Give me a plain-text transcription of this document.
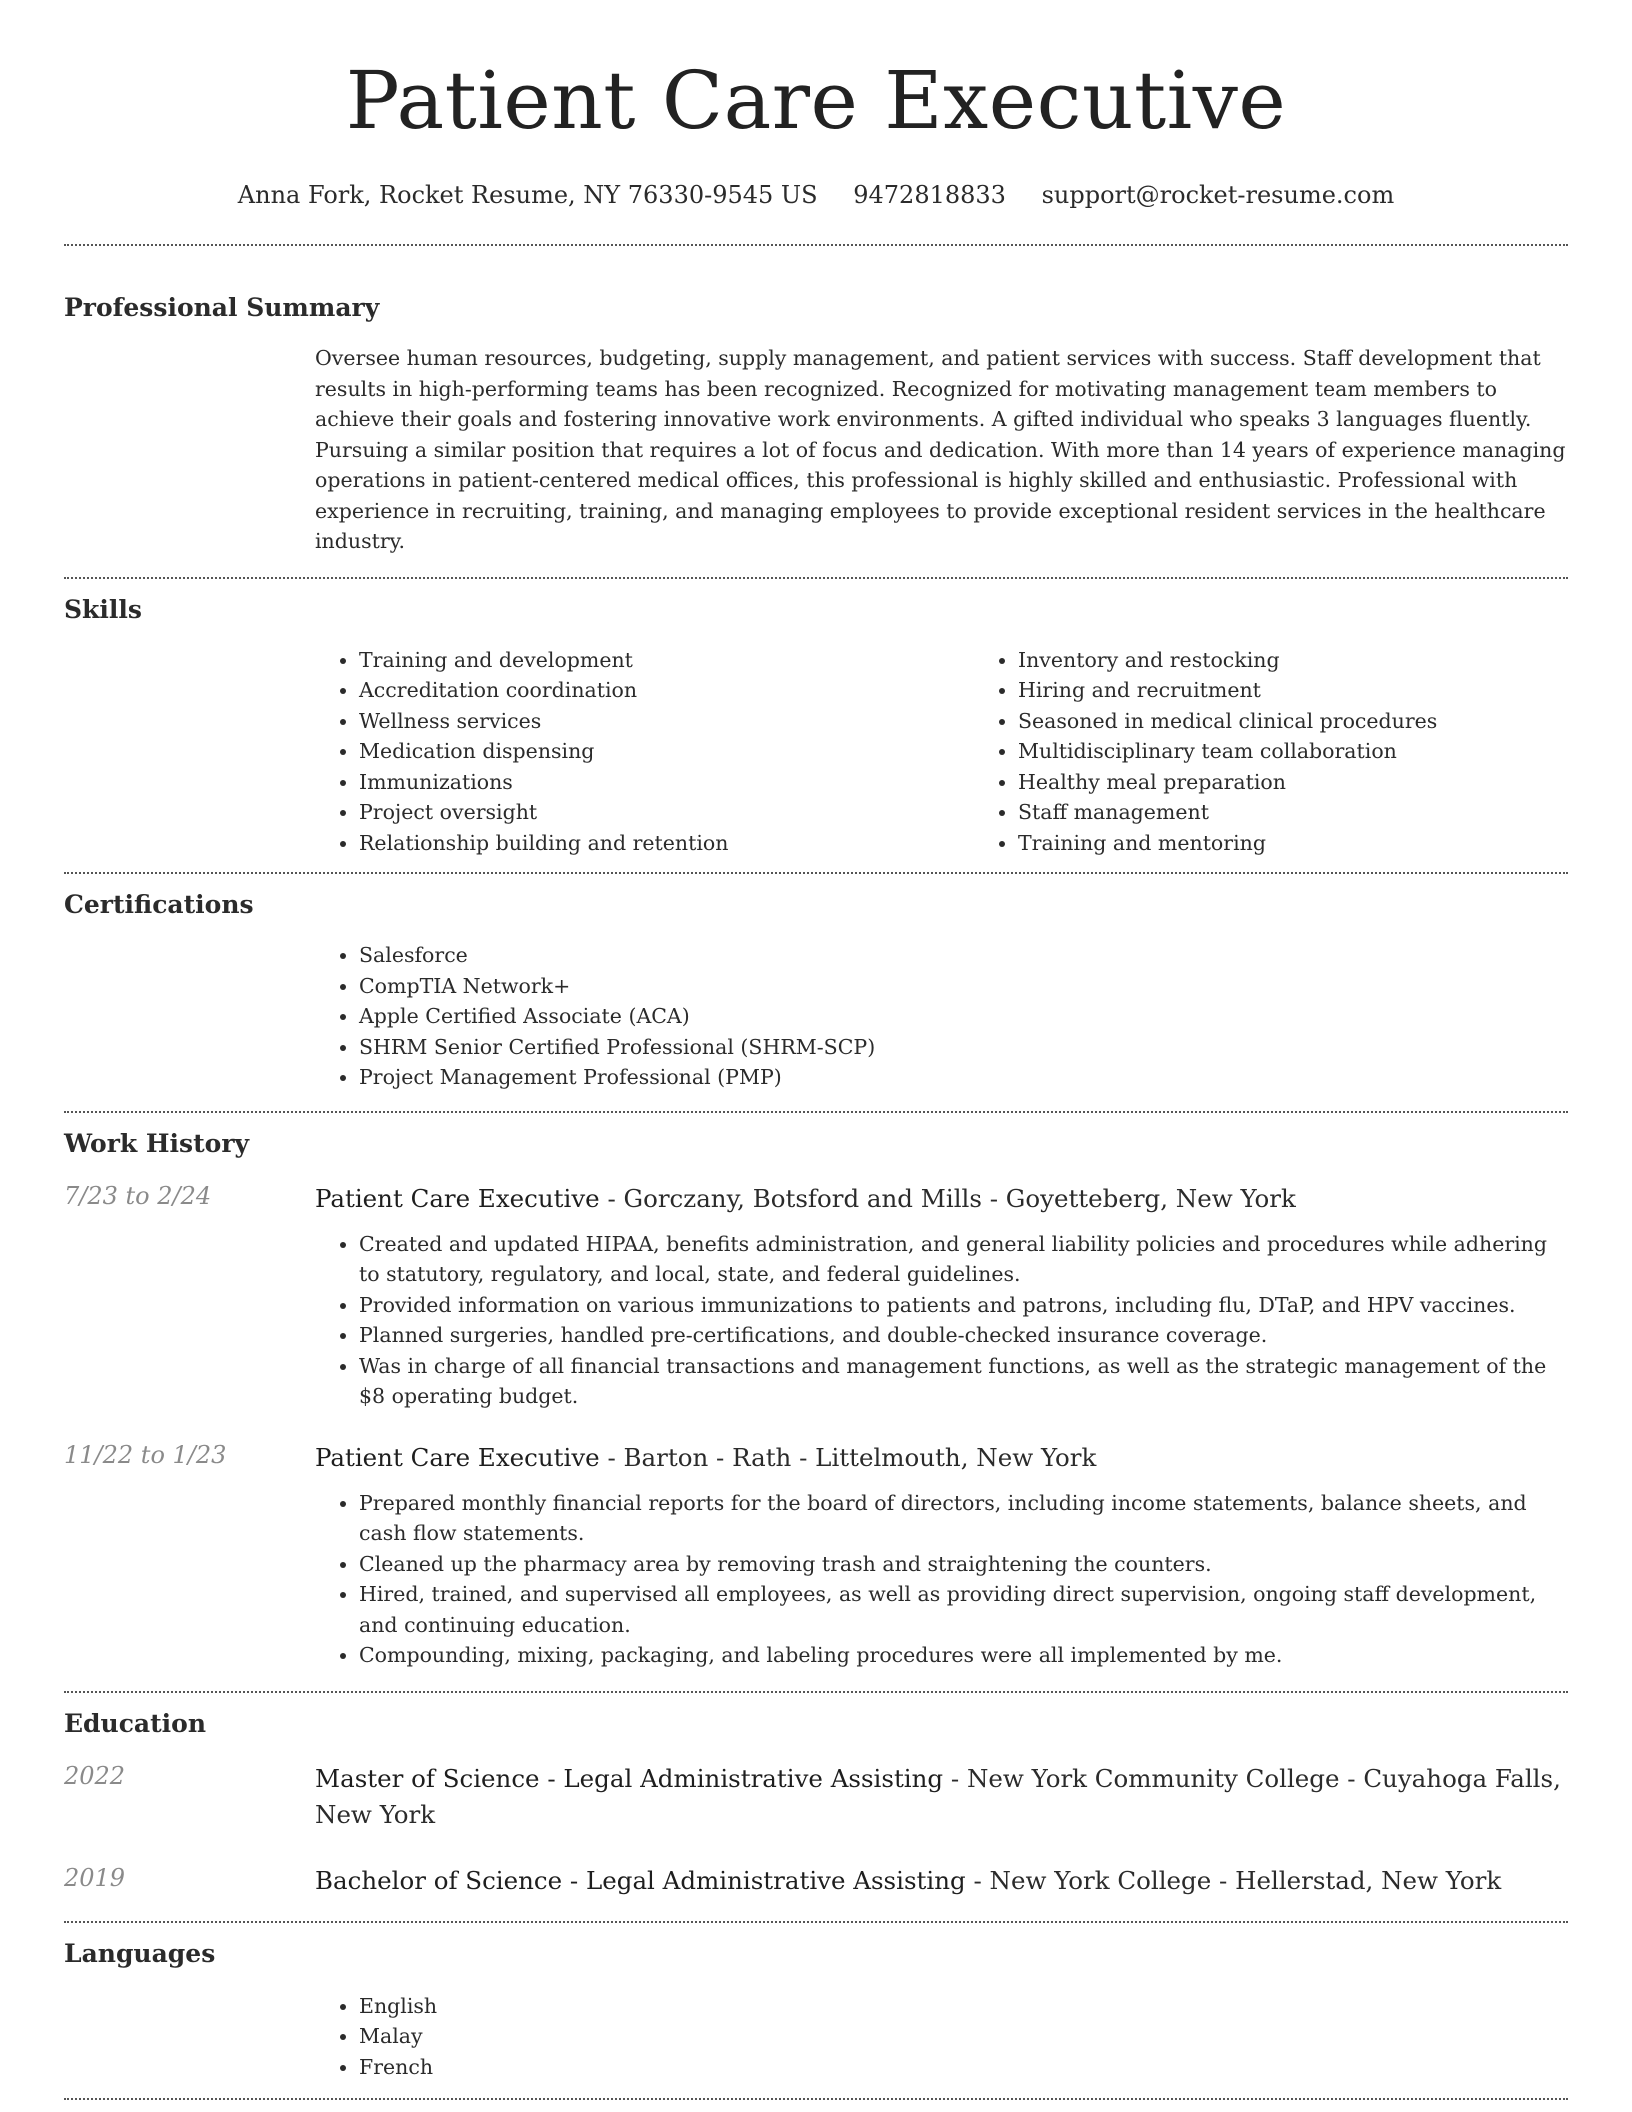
Patient Care Executive
Anna Fork, Rocket Resume, NY 76330-9545 US 9472818833 support@rocket-resume.com
Professional Summary
Oversee human resources, budgeting, supply management, and patient services with success. Staff development that results in high-performing teams has been recognized. Recognized for motivating management team members to achieve their goals and fostering innovative work environments. A gifted individual who speaks 3 languages fluently. Pursuing a similar position that requires a lot of focus and dedication. With more than 14 years of experience managing operations in patient-centered medical offices, this professional is highly skilled and enthusiastic. Professional with experience in recruiting, training, and managing employees to provide exceptional resident services in the healthcare industry.
Skills
• Training and development
• Accreditation coordination
• Wellness services
• Medication dispensing
• Immunizations
• Project oversight
• Relationship building and retention
• Inventory and restocking
• Hiring and recruitment
• Seasoned in medical clinical procedures
• Multidisciplinary team collaboration
• Healthy meal preparation
• Staff management
• Training and mentoring
Certifications
• Salesforce
• CompTIA Network+
• Apple Certified Associate (ACA)
• SHRM Senior Certified Professional (SHRM-SCP)
• Project Management Professional (PMP)
Work History
7/23 to 2/24	Patient Care Executive - Gorczany, Botsford and Mills - Goyetteberg, New York
• Created and updated HIPAA, benefits administration, and general liability policies and procedures while adhering to statutory, regulatory, and local, state, and federal guidelines.
• Provided information on various immunizations to patients and patrons, including flu, DTaP, and HPV vaccines.
• Planned surgeries, handled pre-certifications, and double-checked insurance coverage.
• Was in charge of all financial transactions and management functions, as well as the strategic management of the $8 operating budget.
11/22 to 1/23	Patient Care Executive - Barton - Rath - Littelmouth, New York
• Prepared monthly financial reports for the board of directors, including income statements, balance sheets, and cash flow statements.
• Cleaned up the pharmacy area by removing trash and straightening the counters.
• Hired, trained, and supervised all employees, as well as providing direct supervision, ongoing staff development, and continuing education.
• Compounding, mixing, packaging, and labeling procedures were all implemented by me.
Education
2022	Master of Science - Legal Administrative Assisting - New York Community College - Cuyahoga Falls, New York
2019	Bachelor of Science - Legal Administrative Assisting - New York College - Hellerstad, New York
Languages
• English
• Malay
• French
